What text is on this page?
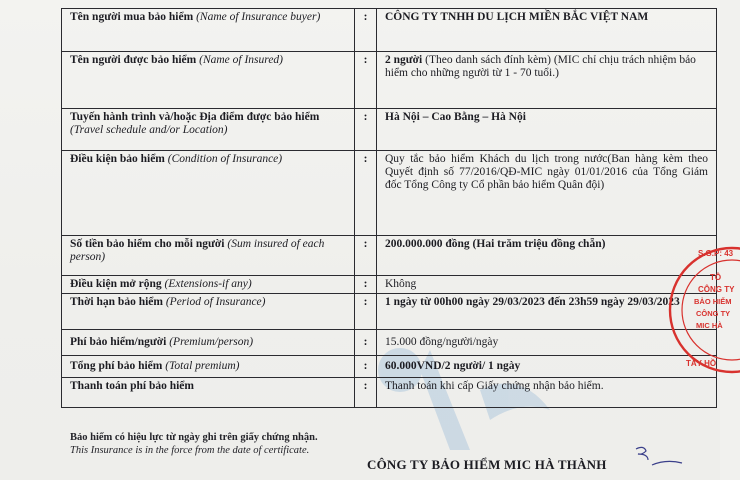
Tên người mua bảo hiểm (Name of Insurance buyer)	:	CÔNG TY TNHH DU LỊCH MIỀN BẮC VIỆT NAM
Tên người được bảo hiểm (Name of Insured)	:	2 người (Theo danh sách đính kèm) (MIC chỉ chịu trách nhiệm bảo hiểm cho những người từ 1 - 70 tuổi.)
Tuyến hành trình và/hoặc Địa điểm được bảo hiểm (Travel schedule and/or Location)	:	Hà Nội – Cao Bằng – Hà Nội
Điều kiện bảo hiểm (Condition of Insurance)	:	Quy tắc bảo hiểm Khách du lịch trong nước(Ban hàng kèm theo Quyết định số 77/2016/QĐ-MIC ngày 01/01/2016 của Tổng Giám đốc Tổng Công ty Cổ phần bảo hiểm Quân đội)
Số tiền bảo hiểm cho mỗi người (Sum insured of each person)	:	200.000.000 đồng (Hai trăm triệu đồng chẵn)
Điều kiện mở rộng (Extensions-if any)	:	Không
Thời hạn bảo hiểm (Period of Insurance)	:	1 ngày từ 00h00 ngày 29/03/2023 đến 23h59 ngày 29/03/2023
Phí bảo hiểm/người (Premium/person)	:	15.000 đồng/người/ngày
Tổng phí bảo hiểm (Total premium)	:	60.000VND/2 người/ 1 ngày
Thanh toán phí bảo hiểm	:	Thanh toán khi cấp Giấy chứng nhận bảo hiểm.
Bảo hiểm có hiệu lực từ ngày ghi trên giấy chứng nhận.
This Insurance is in the force from the date of certificate.
CÔNG TY BẢO HIỂM MIC HÀ THÀNH
S.G.P: 43
TÔ
CÔNG TY
BẢO HIỂM
CÔNG TY
MIC HÀ
TÂY HỒ
